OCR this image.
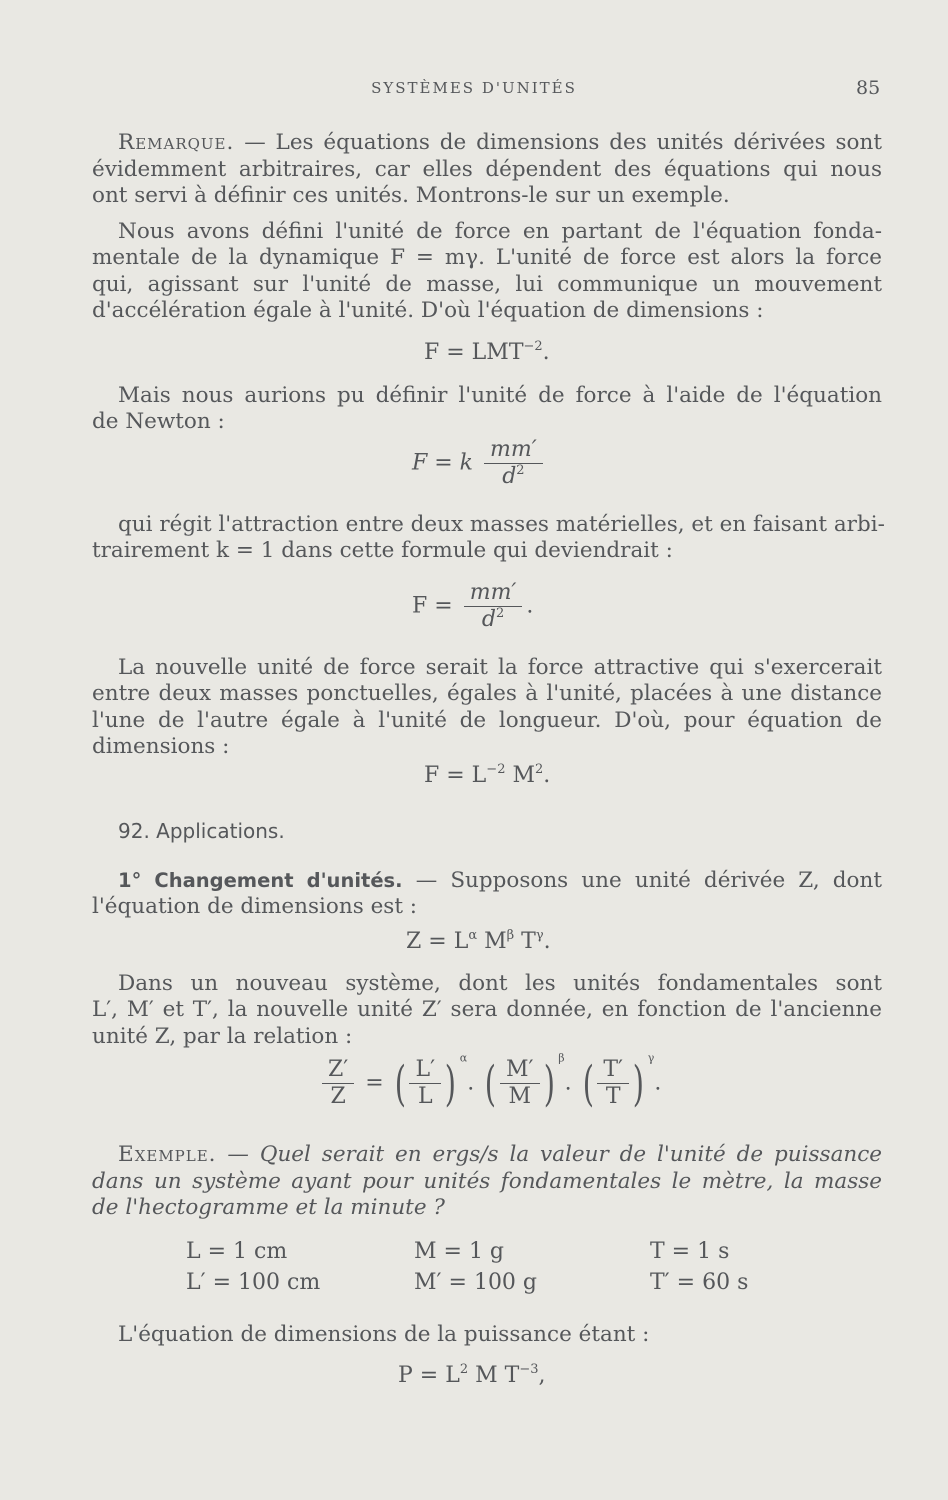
SYSTÈMES D'UNITÉS	85
Remarque. — Les équations de dimensions des unités dérivées sont
évidemment arbitraires, car elles dépendent des équations qui nous
ont servi à définir ces unités. Montrons-le sur un exemple.
Nous avons défini l'unité de force en partant de l'équation fonda-
mentale de la dynamique F = mγ. L'unité de force est alors la force
qui, agissant sur l'unité de masse, lui communique un mouvement
d'accélération égale à l'unité. D'où l'équation de dimensions :
$F = LMT^{-2}$.
Mais nous aurions pu définir l'unité de force à l'aide de l'équation
de Newton :
F = k $\frac{mm'}{d^2}$
qui régit l'attraction entre deux masses matérielles, et en faisant arbi-
trairement k = 1 dans cette formule qui deviendrait :
$F = \frac{mm'}{d^2}$ .
La nouvelle unité de force serait la force attractive qui s'exercerait
entre deux masses ponctuelles, égales à l'unité, placées à une distance
l'une de l'autre égale à l'unité de longueur. D'où, pour équation de
dimensions :
$F = L^{-2}$ $M^2$.
92. Applications.
1° Changement d'unités. — Supposons une unité dérivée Z, dont
l'équation de dimensions est :
$Z = L^\alpha$ $M^\beta$ $T^\gamma$.
Dans un nouveau système, dont les unités fondamentales sont
L′, M′ et T′, la nouvelle unité Z′ sera donnée, en fonction de l'ancienne
unité Z, par la relation :
$\frac{Z'}{Z}$ = ( $\frac{L'}{L}$ ) $^\alpha$. ( $\frac{M'}{M}$ ) $^\beta$. ( $\frac{T'}{T}$ ) $^\gamma$.
Exemple. — Quel serait en ergs/s la valeur de l'unité de puissance
dans un système ayant pour unités fondamentales le mètre, la masse
de l'hectogramme et la minute ?
L = 1 cm	M = 1 g	T = 1 s
L′ = 100 cm	M′ = 100 g	T′ = 60 s
L'équation de dimensions de la puissance étant :
$P = L^2$ M $T^{-3}$,
